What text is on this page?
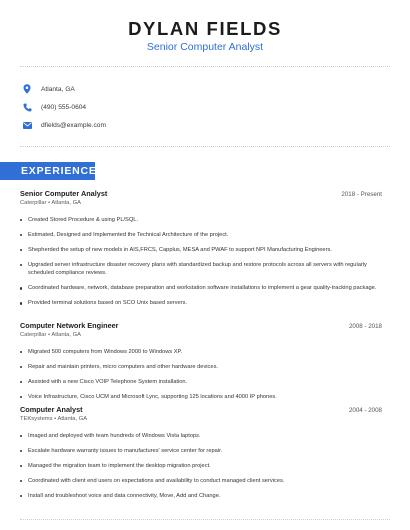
DYLAN FIELDS
Senior Computer Analyst
Atlanta, GA
(490) 555-0604
dfields@example.com
EXPERIENCE
Senior Computer Analyst	2018 - Present
Caterpillar • Atlanta, GA
Created Stored Procedure & using PL/SQL.
Estimated, Designed and Implemented the Technical Architecture of the project.
Shepherded the setup of new models in AIS,FRCS, Capplus, MESA and PWAF to support NPI Manufacturing Engineers.
Upgraded server infrastructure disaster recovery plans with standardized backup and restore protocols across all servers with regularly scheduled compliance reviews.
Coordinated hardware, network, database preparation and workstation software installations to implement a gear quality-tracking package.
Provided terminal solutions based on SCO Unix based servers.
Computer Network Engineer	2008 - 2018
Caterpillar • Atlanta, GA
Migrated 500 computers from Windows 2000 to Windows XP.
Repair and maintain printers, micro computers and other hardware devices.
Assisted with a new Cisco VOIP Telephone System installation.
Voice Infrastructure, Cisco UCM and Microsoft Lync, supporting 125 locations and 4000 IP phones.
Computer Analyst	2004 - 2008
TEKsystems • Atlanta, GA
Imaged and deployed with team hundreds of Windows Vista laptops.
Escalate hardware warranty issues to manufactures' service center for repair.
Managed the migration team to implement the desktop migration project.
Coordinated with client end users on expectations and availability to conduct managed client services.
Install and troubleshoot voice and data connectivity, Move, Add and Change.
